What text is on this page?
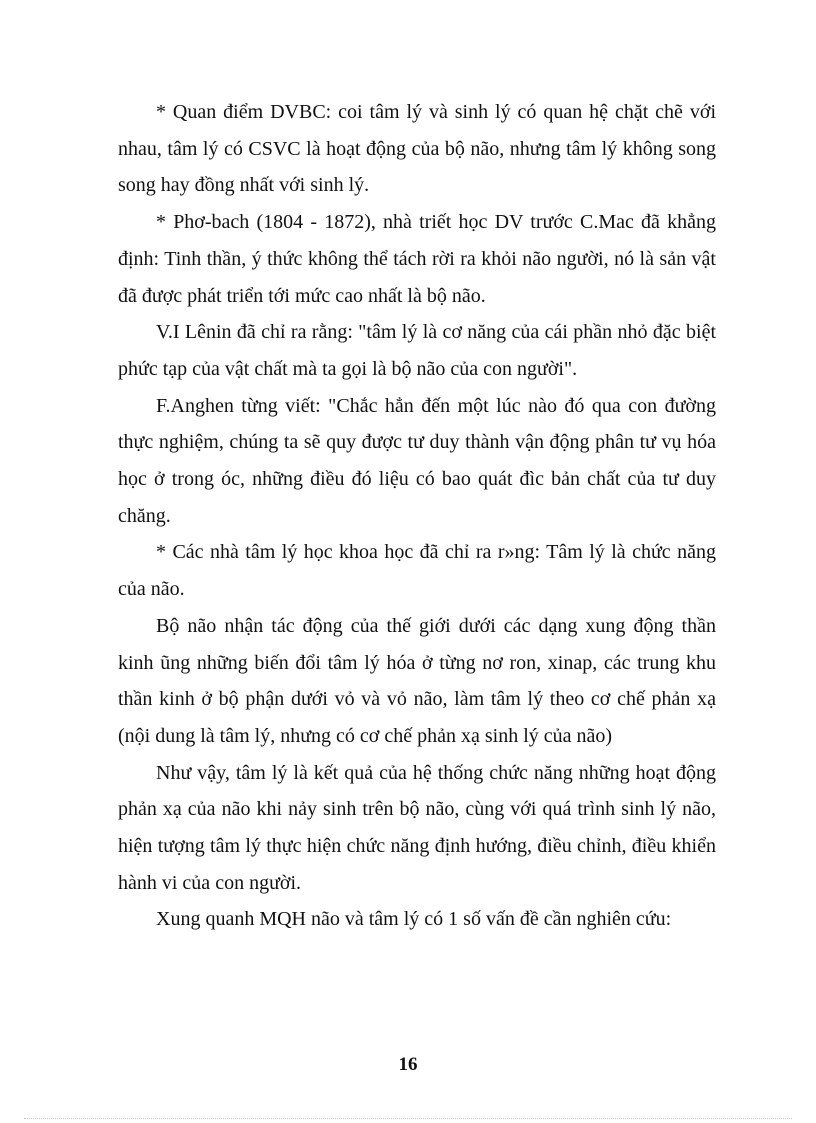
* Quan điểm DVBC: coi tâm lý và sinh lý có quan hệ chặt chẽ với nhau, tâm lý có CSVC là hoạt động của bộ não, nhưng tâm lý không song song hay đồng nhất với sinh lý.

* Phơ-bach (1804 - 1872), nhà triết học DV trước C.Mac đã khẳng định: Tinh thần, ý thức không thể tách rời ra khỏi não người, nó là sản vật đã được phát triển tới mức cao nhất là bộ não.

V.I Lênin đã chỉ ra rằng: "tâm lý là cơ năng của cái phần nhỏ đặc biệt phức tạp của vật chất mà ta gọi là bộ não của con người".

F.Anghen từng viết: "Chắc hẳn đến một lúc nào đó qua con đường thực nghiệm, chúng ta sẽ quy được tư duy thành vận động phân tư vụ hóa học ở trong óc, những điều đó liệu có bao quát đìc bản chất của tư duy chăng.

* Các nhà tâm lý học khoa học đã chỉ ra r»ng: Tâm lý là chức năng của não.

Bộ não nhận tác động của thế giới dưới các dạng xung động thần kinh ũng những biến đổi tâm lý hóa ở từng nơ ron, xinap, các trung khu thần kinh ở bộ phận dưới vỏ và vỏ não, làm tâm lý theo cơ chế phản xạ (nội dung là tâm lý, nhưng có cơ chế phản xạ sinh lý của não)

Như vậy, tâm lý là kết quả của hệ thống chức năng những hoạt động phản xạ của não khi nảy sinh trên bộ não, cùng với quá trình sinh lý não, hiện tượng tâm lý thực hiện chức năng định hướng, điều chỉnh, điều khiển hành vi của con người.

Xung quanh MQH não và tâm lý có 1 số vấn đề cần nghiên cứu:

16
